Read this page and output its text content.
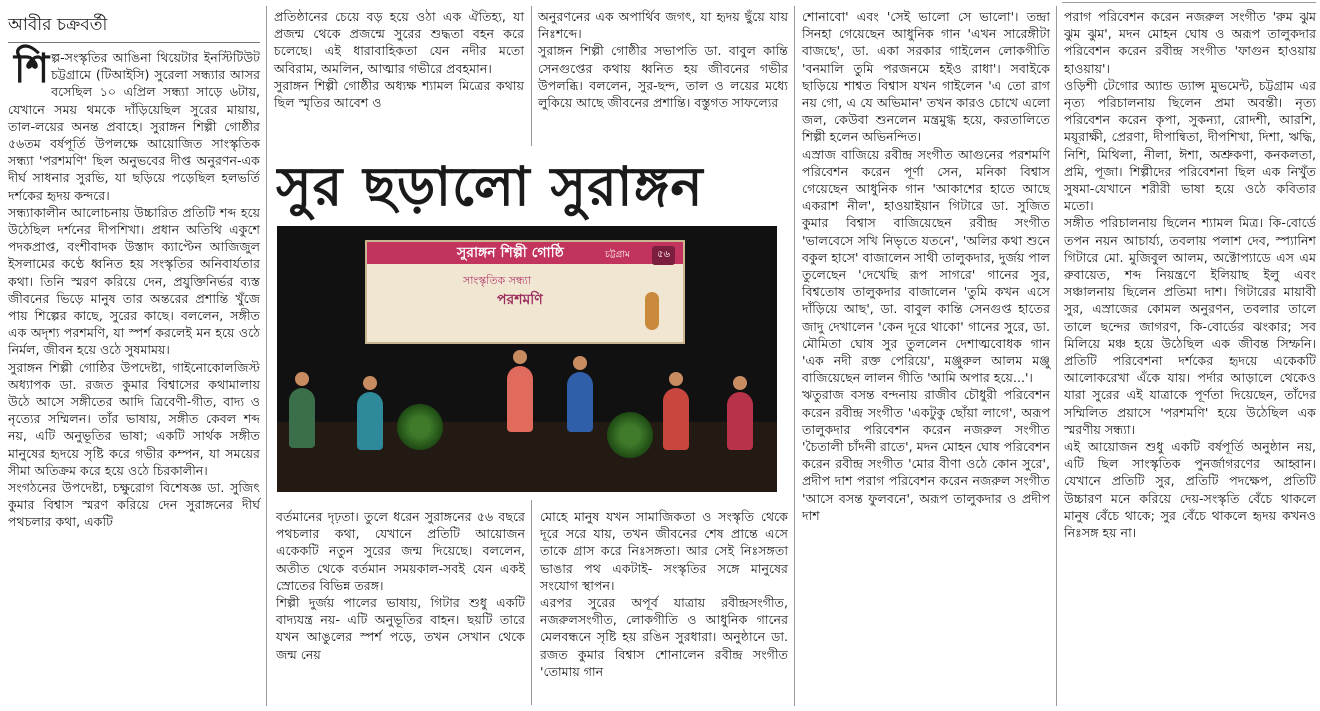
আবীর চক্রবর্তী

শিল্প-সংস্কৃতির আঙিনা থিয়েটার ইনস্টিটিউট চট্টগ্রামে (টিআইসি) সুরেলা সন্ধ্যার আসর বসেছিল ১০ এপ্রিল সন্ধ্যা সাড়ে ৬টায়, যেখানে সময় থমকে দাঁড়িয়েছিল সুরের মায়ায়, তাল-লয়ের অনন্ত প্রবাহে। সুরাঙ্গন শিল্পী গোষ্ঠীর ৫৬তম বর্ষপূর্তি উপলক্ষে আয়োজিত সাংস্কৃতিক সন্ধ্যা 'পরশমণি' ছিল অনুভবের দীপ্ত অনুরণন-এক দীর্ঘ সাধনার সুরভি, যা ছড়িয়ে পড়েছিল হলভর্তি দর্শকের হৃদয় কন্দরে।

সন্ধ্যাকালীন আলোচনায় উচ্চারিত প্রতিটি শব্দ হয়ে উঠেছিল দর্শনের দীপশিখা। প্রধান অতিথি একুশে পদকপ্রাপ্ত, বংশীবাদক উস্তাদ ক্যাপ্টেন আজিজুল ইসলামের কণ্ঠে ধ্বনিত হয় সংস্কৃতির অনিবার্যতার কথা। তিনি স্মরণ করিয়ে দেন, প্রযুক্তিনির্ভর ব্যস্ত জীবনের ভিড়ে মানুষ তার অন্তরের প্রশান্তি খুঁজে পায় শিল্পের কাছে, সুরের কাছে। বললেন, সঙ্গীত এক অদৃশ্য পরশমণি, যা স্পর্শ করলেই মন হয়ে ওঠে নির্মল, জীবন হয়ে ওঠে সুষমাময়।

সুরাঙ্গন শিল্পী গোষ্ঠির উপদেষ্টা, গাইনোকোলজিস্ট অধ্যাপক ডা. রজত কুমার বিশ্বাসের কথামালায় উঠে আসে সঙ্গীতের আদি ত্রিবেণী-গীত, বাদ্য ও নৃত্যের সম্মিলন। তাঁর ভাষায়, সঙ্গীত কেবল শব্দ নয়, এটি অনুভূতির ভাষা; একটি সার্থক সঙ্গীত মানুষের হৃদয়ে সৃষ্টি করে গভীর কম্পন, যা সময়ের সীমা অতিক্রম করে হয়ে ওঠে চিরকালীন।

সংগঠনের উপদেষ্টা, চক্ষুরোগ বিশেষজ্ঞ ডা. সুজিৎ কুমার বিশ্বাস স্মরণ করিয়ে দেন সুরাঙ্গনের দীর্ঘ পথচলার কথা, একটি

প্রতিষ্ঠানের চেয়ে বড় হয়ে ওঠা এক ঐতিহ্য, যা প্রজন্ম থেকে প্রজন্মে সুরের শুদ্ধতা বহন করে চলেছে। এই ধারাবাহিকতা যেন নদীর মতো অবিরাম, অমলিন, আত্মার গভীরে প্রবহমান।

সুরাঙ্গন শিল্পী গোষ্ঠীর অধ্যক্ষ শ্যামল মিত্রের কথায় ছিল স্মৃতির আবেশ ও

অনুরণনের এক অপার্থিব জগৎ, যা হৃদয় ছুঁয়ে যায় নিঃশব্দে।

সুরাঙ্গন শিল্পী গোষ্ঠীর সভাপতি ডা. বাবুল কান্তি সেনগুপ্তের কথায় ধ্বনিত হয় জীবনের গভীর উপলব্ধি। বললেন, সুর-ছন্দ, তাল ও লয়ের মধ্যে লুকিয়ে আছে জীবনের প্রশান্তি। বস্তুগত সাফল্যের

সুর ছড়ালো সুরাঙ্গন
সুরাঙ্গন শিল্পী গোষ্ঠি	৫৬
সাংস্কৃতিক সন্ধ্যা
পরশমণি
চট্টগ্রাম

বর্তমানের দৃঢ়তা। তুলে ধরেন সুরাঙ্গনের ৫৬ বছরে পথচলার কথা, যেখানে প্রতিটি আয়োজন একেকটি নতুন সুরের জন্ম দিয়েছে। বললেন, অতীত থেকে বর্তমান সময়কাল-সবই যেন একই স্রোতের বিভিন্ন তরঙ্গ।

শিল্পী দুর্জয় পালের ভাষায়, গিটার শুধু একটি বাদ্যযন্ত্র নয়- এটি অনুভূতির বাহন। ছয়টি তারে যখন আঙুলের স্পর্শ পড়ে, তখন সেখান থেকে জন্ম নেয়

মোহে মানুষ যখন সামাজিকতা ও সংস্কৃতি থেকে দূরে সরে যায়, তখন জীবনের শেষ প্রান্তে এসে তাকে গ্রাস করে নিঃসঙ্গতা। আর সেই নিঃসঙ্গতা ভাঙার পথ একটাই- সংস্কৃতির সঙ্গে মানুষের সংযোগ স্থাপন।

এরপর সুরের অপূর্ব যাত্রায় রবীন্দ্রসংগীত, নজরুলসংগীত, লোকগীতি ও আধুনিক গানের মেলবন্ধনে সৃষ্টি হয় রঙিন সুরধারা। অনুষ্ঠানে ডা. রজত কুমার বিশ্বাস শোনালেন রবীন্দ্র সংগীত 'তোমায় গান

শোনাবো' এবং 'সেই ভালো সে ভালো'। তন্দ্রা সিনহা গেয়েছেন আধুনিক গান 'এখন সারেঙ্গীটা বাজছে', ডা. একা সরকার গাইলেন লোকগীতি 'বনমালি তুমি পরজনমে হইও রাধা'। সবাইকে ছাড়িয়ে শাশ্বত বিশ্বাস যখন গাইলেন 'এ তো রাগ নয় গো, এ যে অভিমান' তখন কারও চোখে এলো জল, কেউবা শুনলেন মন্ত্রমুগ্ধ হয়ে, করতালিতে শিল্পী হলেন অভিনন্দিত।

এস্রাজ বাজিয়ে রবীন্দ্র সংগীত আগুনের পরশমণি পরিবেশন করেন পূর্ণা সেন, মনিকা বিশ্বাস গেয়েছেন আধুনিক গান 'আকাশের হাতে আছে একরাশ নীল', হাওয়াইয়ান গিটারে ডা. সুজিত কুমার বিশ্বাস বাজিয়েছেন রবীন্দ্র সংগীত 'ভালবেসে সখি নিভৃতে যতনে', 'অলির কথা শুনে বকুল হাসে' বাজালেন সাথী তালুকদার, দুর্জয় পাল তুলেছেন 'দেখেছি রূপ সাগরে' গানের সুর, বিশ্বতোষ তালুকদার বাজালেন 'তুমি কখন এসে দাঁড়িয়ে আছ', ডা. বাবুল কান্তি সেনগুপ্ত হাতের জাদু দেখালেন 'কেন দূরে থাকো' গানের সুরে, ডা. মৌমিতা ঘোষ সুর তুললেন দেশাত্মবোধক গান 'এক নদী রক্ত পেরিয়ে', মঞ্জুরুল আলম মঞ্জু বাজিয়েছেন লালন গীতি 'আমি অপার হয়ে...'।

ঋতুরাজ বসন্ত বন্দনায় রাজীব চৌধুরী পরিবেশন করেন রবীন্দ্র সংগীত 'একটুকু ছোঁয়া লাগে', অরূপ তালুকদার পরিবেশন করেন নজরুল সংগীত 'চৈতালী চাঁদনী রাতে', মদন মোহন ঘোষ পরিবেশন করেন রবীন্দ্র সংগীত 'মোর বীণা ওঠে কোন সুরে', প্রদীপ দাশ পরাগ পরিবেশন করেন নজরুল সংগীত 'আসে বসন্ত ফুলবনে', অরূপ তালুকদার ও প্রদীপ দাশ

পরাগ পরিবেশন করেন নজরুল সংগীত 'রুম ঝুম ঝুম ঝুম', মদন মোহন ঘোষ ও অরূপ তালুকদার পরিবেশন করেন রবীন্দ্র সংগীত 'ফাগুন হাওয়ায় হাওয়ায়'।

ওড়িশী টেগোর অ্যান্ড ড্যান্স মুভমেন্ট, চট্টগ্রাম এর নৃত্য পরিচালনায় ছিলেন প্রমা অবন্তী। নৃত্য পরিবেশন করেন কৃপা, সুকন্যা, রোদশী, আরশি, ময়ূরাক্ষী, প্রেরণা, দীপান্বিতা, দীপশিখা, দিশা, ঋদ্ধি, নিশি, মিথিলা, নীলা, ঈশা, অশ্রুকণা, কনকলতা, প্রমি, পূজা। শিল্পীদের পরিবেশনা ছিল এক নিখুঁত সুষমা-যেখানে শরীরী ভাষা হয়ে ওঠে কবিতার মতো।

সঙ্গীত পরিচালনায় ছিলেন শ্যামল মিত্র। কি-বোর্ডে তপন নয়ন আচার্য্য, তবলায় পলাশ দেব, স্প্যানিশ গিটারে মো. মুজিবুল আলম, অক্টোপ্যাডে এস এম রুবায়েত, শব্দ নিয়ন্ত্রণে ইলিয়াছ ইলু এবং সঞ্চালনায় ছিলেন প্রতিমা দাশ। গিটারের মায়াবী সুর, এস্রাজের কোমল অনুরণন, তবলার তালে তালে ছন্দের জাগরণ, কি-বোর্ডের ঝংকার; সব মিলিয়ে মঞ্চ হয়ে উঠেছিল এক জীবন্ত সিম্ফনি। প্রতিটি পরিবেশনা দর্শকের হৃদয়ে একেকটি আলোকরেখা এঁকে যায়। পর্দার আড়ালে থেকেও যারা সুরের এই যাত্রাকে পূর্ণতা দিয়েছেন, তাঁদের সম্মিলিত প্রয়াসে 'পরশমণি' হয়ে উঠেছিল এক স্মরণীয় সন্ধ্যা।

এই আয়োজন শুধু একটি বর্ষপূর্তি অনুষ্ঠান নয়, এটি ছিল সাংস্কৃতিক পুনর্জাগরণের আহ্বান। যেখানে প্রতিটি সুর, প্রতিটি পদক্ষেপ, প্রতিটি উচ্চারণ মনে করিয়ে দেয়-সংস্কৃতি বেঁচে থাকলে মানুষ বেঁচে থাকে; সুর বেঁচে থাকলে হৃদয় কখনও নিঃসঙ্গ হয় না।
